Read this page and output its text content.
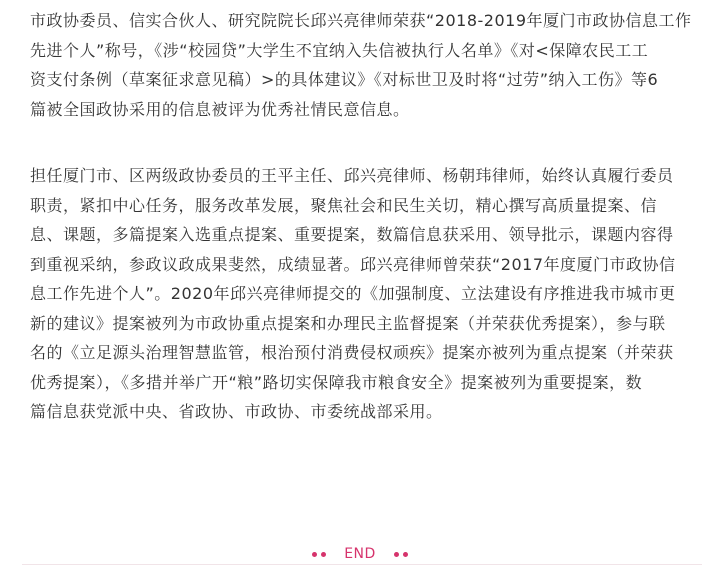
市政协委员、信实合伙人、研究院院长邱兴亮律师荣获“2018-2019年厦门市政协信息工作
先进个人”称号，《涉“校园贷”大学生不宜纳入失信被执行人名单》《对<保障农民工工
资支付条例（草案征求意见稿）>的具体建议》《对标世卫及时将“过劳”纳入工伤》等6
篇被全国政协采用的信息被评为优秀社情民意信息。

担任厦门市、区两级政协委员的王平主任、邱兴亮律师、杨朝玮律师，始终认真履行委员
职责，紧扣中心任务，服务改革发展，聚焦社会和民生关切，精心撰写高质量提案、信
息、课题，多篇提案入选重点提案、重要提案，数篇信息获采用、领导批示，课题内容得
到重视采纳，参政议政成果斐然，成绩显著。邱兴亮律师曾荣获“2017年度厦门市政协信
息工作先进个人”。2020年邱兴亮律师提交的《加强制度、立法建设有序推进我市城市更
新的建议》提案被列为市政协重点提案和办理民主监督提案（并荣获优秀提案），参与联
名的《立足源头治理智慧监管，根治预付消费侵权顽疾》提案亦被列为重点提案（并荣获
优秀提案），《多措并举广开“粮”路切实保障我市粮食安全》提案被列为重要提案，数
篇信息获党派中央、省政协、市政协、市委统战部采用。

END
